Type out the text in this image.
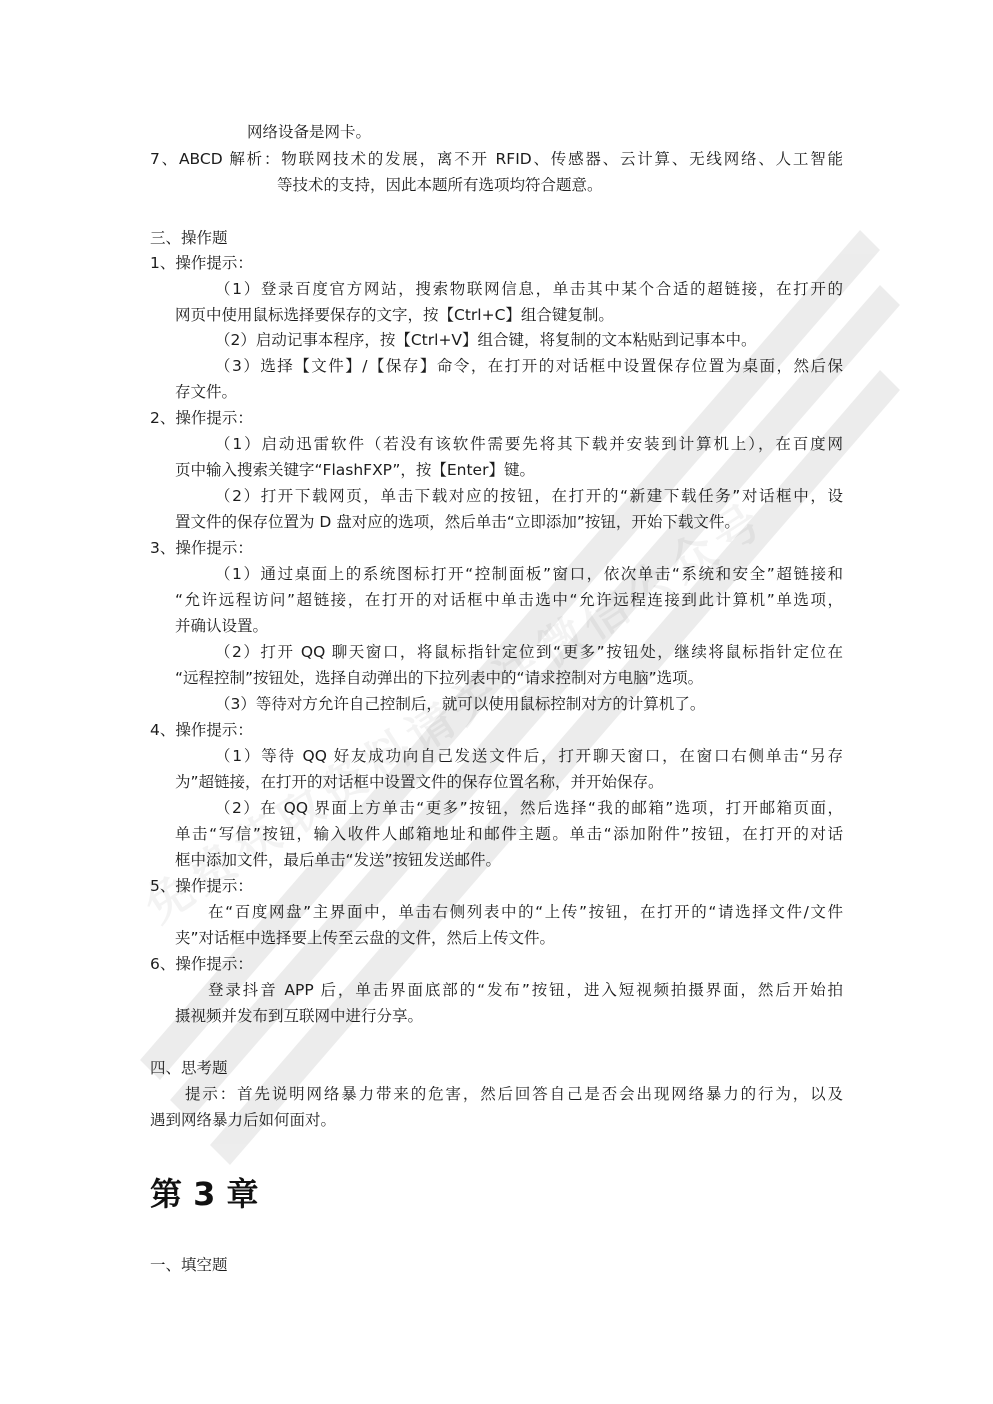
网络设备是网卡。
7、ABCD 解析：物联网技术的发展，离不开 RFID、传感器、云计算、无线网络、人工智能
等技术的支持，因此本题所有选项均符合题意。
三、操作题
1、操作提示：
（1）登录百度官方网站，搜索物联网信息，单击其中某个合适的超链接，在打开的
网页中使用鼠标选择要保存的文字，按【Ctrl+C】组合键复制。
（2）启动记事本程序，按【Ctrl+V】组合键，将复制的文本粘贴到记事本中。
（3）选择【文件】/【保存】命令，在打开的对话框中设置保存位置为桌面，然后保
存文件。
2、操作提示：
（1）启动迅雷软件（若没有该软件需要先将其下载并安装到计算机上），在百度网
页中输入搜索关键字“FlashFXP”，按【Enter】键。
（2）打开下载网页，单击下载对应的按钮，在打开的“新建下载任务”对话框中，设
置文件的保存位置为 D 盘对应的选项，然后单击“立即添加”按钮，开始下载文件。
3、操作提示：
（1）通过桌面上的系统图标打开“控制面板”窗口，依次单击“系统和安全”超链接和
“允许远程访问”超链接，在打开的对话框中单击选中“允许远程连接到此计算机”单选项，
并确认设置。
（2）打开 QQ 聊天窗口，将鼠标指针定位到“更多”按钮处，继续将鼠标指针定位在
“远程控制”按钮处，选择自动弹出的下拉列表中的“请求控制对方电脑”选项。
（3）等待对方允许自己控制后，就可以使用鼠标控制对方的计算机了。
4、操作提示：
（1）等待 QQ 好友成功向自己发送文件后，打开聊天窗口，在窗口右侧单击“另存
为”超链接，在打开的对话框中设置文件的保存位置名称，并开始保存。
（2）在 QQ 界面上方单击“更多”按钮，然后选择“我的邮箱”选项，打开邮箱页面，
单击“写信”按钮，输入收件人邮箱地址和邮件主题。单击“添加附件”按钮，在打开的对话
框中添加文件，最后单击“发送”按钮发送邮件。
5、操作提示：
在“百度网盘”主界面中，单击右侧列表中的“上传”按钮，在打开的“请选择文件/文件
夹”对话框中选择要上传至云盘的文件，然后上传文件。
6、操作提示：
登录抖音 APP 后，单击界面底部的“发布”按钮，进入短视频拍摄界面，然后开始拍
摄视频并发布到互联网中进行分享。
四、思考题
提示：首先说明网络暴力带来的危害，然后回答自己是否会出现网络暴力的行为，以及
遇到网络暴力后如何面对。
第 3 章
一、填空题
